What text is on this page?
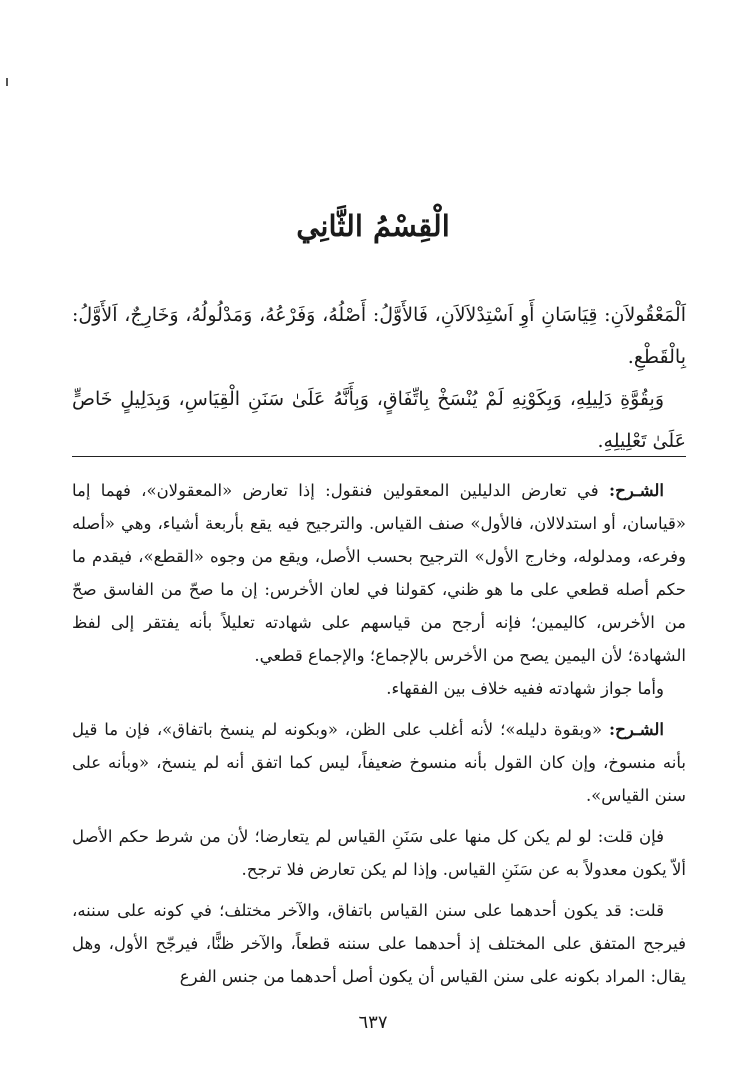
الْقِسْمُ الثَّانِي

اَلْمَعْقُولاَنِ: قِيَاسَانِ أَوِ اَسْتِدْلاَلاَنِ، فَالأَوَّلُ: أَصْلُهُ، وَفَرْعُهُ، وَمَدْلُولُهُ، وَخَارِجٌ، اَلأَوَّلُ: بِالْقَطْعِ.

وَبِقُوَّةِ دَلِيلِهِ، وَبِكَوْنِهِ لَمْ يُنْسَخْ بِاتِّفَاقٍ، وَبِأَنَّهُ عَلَىٰ سَنَنِ الْقِيَاسِ، وَبِدَلِيلٍ خَاصٍّ عَلَىٰ تَعْلِيلِهِ.

الشـرح: في تعارض الدليلين المعقولين فنقول: إذا تعارض «المعقولان»، فهما إما «قياسان، أو استدلالان، فالأول» صنف القياس. والترجيح فيه يقع بأربعة أشياء، وهي «أصله وفرعه، ومدلوله، وخارج الأول» الترجيح بحسب الأصل، ويقع من وجوه «القطع»، فيقدم ما حكم أصله قطعي على ما هو ظني، كقولنا في لعان الأخرس: إن ما صحّ من الفاسق صحّ من الأخرس، كاليمين؛ فإنه أرجح من قياسهم على شهادته تعليلاً بأنه يفتقر إلى لفظ الشهادة؛ لأن اليمين يصح من الأخرس بالإجماع؛ والإجماع قطعي.

وأما جواز شهادته ففيه خلاف بين الفقهاء.

الشـرح: «وبقوة دليله»؛ لأنه أغلب على الظن، «وبكونه لم ينسخ باتفاق»، فإن ما قيل بأنه منسوخ، وإن كان القول بأنه منسوخ ضعيفاً، ليس كما اتفق أنه لم ينسخ، «وبأنه على سنن القياس».

فإن قلت: لو لم يكن كل منها على سَنَنِ القياس لم يتعارضا؛ لأن من شرط حكم الأصل ألاّ يكون معدولاً به عن سَنَنِ القياس. وإذا لم يكن تعارض فلا ترجح.

قلت: قد يكون أحدهما على سنن القياس باتفاق، والآخر مختلف؛ في كونه على سننه، فيرجح المتفق على المختلف إذ أحدهما على سننه قطعاً، والآخر ظنًّا، فيرجّح الأول، وهل يقال: المراد بكونه على سنن القياس أن يكون أصل أحدهما من جنس الفرع

٦٣٧
